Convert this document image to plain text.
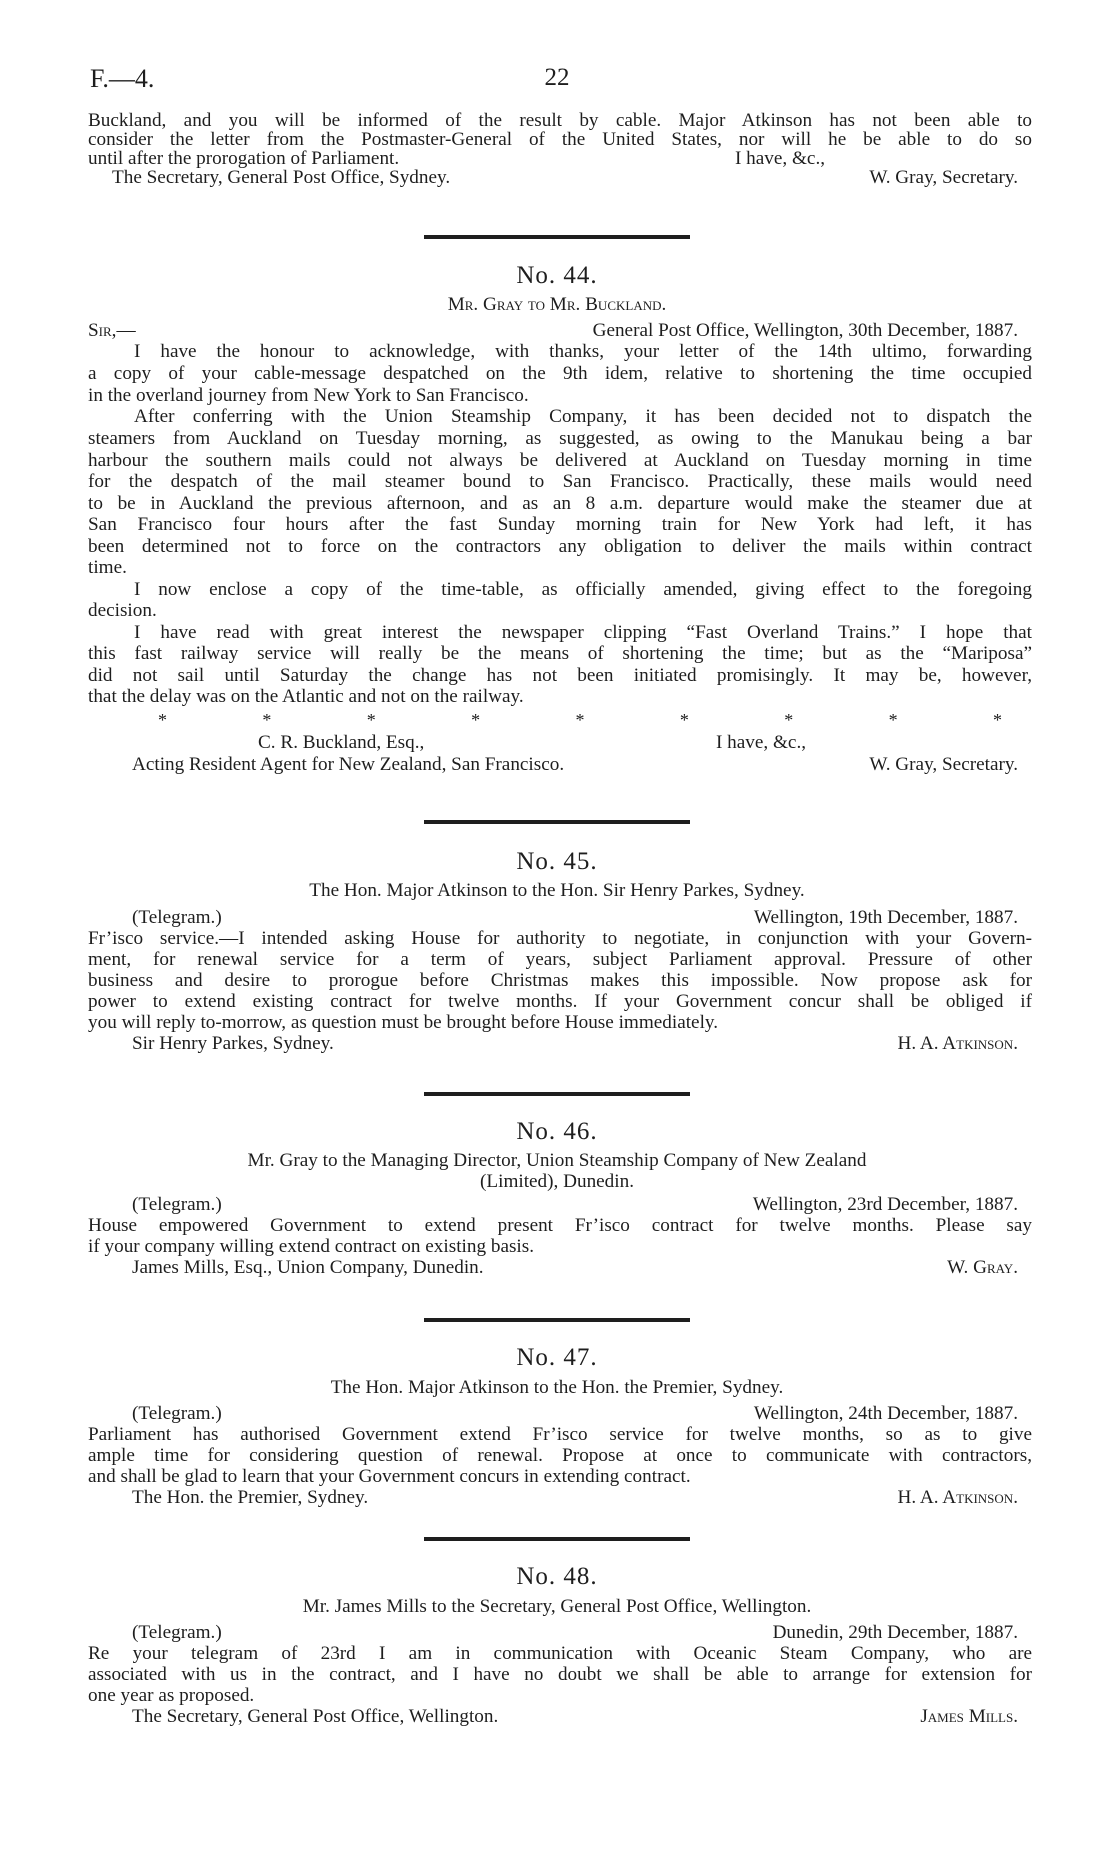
F.—4.	22
Buckland, and you will be informed of the result by cable. Major Atkinson has not been able to
consider the letter from the Postmaster-General of the United States, nor will he be able to do so
until after the prorogation of Parliament.	I have, &c.,
The Secretary, General Post Office, Sydney.	W. Gray, Secretary.
No. 44.
Mr. Gray to Mr. Buckland.
Sir,—	General Post Office, Wellington, 30th December, 1887.
I have the honour to acknowledge, with thanks, your letter of the 14th ultimo, forwarding
a copy of your cable-message despatched on the 9th idem, relative to shortening the time occupied
in the overland journey from New York to San Francisco.
After conferring with the Union Steamship Company, it has been decided not to dispatch the
steamers from Auckland on Tuesday morning, as suggested, as owing to the Manukau being a bar
harbour the southern mails could not always be delivered at Auckland on Tuesday morning in time
for the despatch of the mail steamer bound to San Francisco. Practically, these mails would need
to be in Auckland the previous afternoon, and as an 8 a.m. departure would make the steamer due at
San Francisco four hours after the fast Sunday morning train for New York had left, it has
been determined not to force on the contractors any obligation to deliver the mails within contract
time.
I now enclose a copy of the time-table, as officially amended, giving effect to the foregoing
decision.
I have read with great interest the newspaper clipping “Fast Overland Trains.” I hope that
this fast railway service will really be the means of shortening the time; but as the “Mariposa”
did not sail until Saturday the change has not been initiated promisingly. It may be, however,
that the delay was on the Atlantic and not on the railway.
*	*	*	*	*	*	*	*	*
C. R. Buckland, Esq.,	I have, &c.,
Acting Resident Agent for New Zealand, San Francisco.	W. Gray, Secretary.
No. 45.
The Hon. Major Atkinson to the Hon. Sir Henry Parkes, Sydney.
(Telegram.)	Wellington, 19th December, 1887.
Fr’isco service.—I intended asking House for authority to negotiate, in conjunction with your Govern-
ment, for renewal service for a term of years, subject Parliament approval. Pressure of other
business and desire to prorogue before Christmas makes this impossible. Now propose ask for
power to extend existing contract for twelve months. If your Government concur shall be obliged if
you will reply to-morrow, as question must be brought before House immediately.
Sir Henry Parkes, Sydney.	H. A. Atkinson.
No. 46.
Mr. Gray to the Managing Director, Union Steamship Company of New Zealand
(Limited), Dunedin.
(Telegram.)	Wellington, 23rd December, 1887.
House empowered Government to extend present Fr’isco contract for twelve months. Please say
if your company willing extend contract on existing basis.
James Mills, Esq., Union Company, Dunedin.	W. Gray.
No. 47.
The Hon. Major Atkinson to the Hon. the Premier, Sydney.
(Telegram.)	Wellington, 24th December, 1887.
Parliament has authorised Government extend Fr’isco service for twelve months, so as to give
ample time for considering question of renewal. Propose at once to communicate with contractors,
and shall be glad to learn that your Government concurs in extending contract.
The Hon. the Premier, Sydney.	H. A. Atkinson.
No. 48.
Mr. James Mills to the Secretary, General Post Office, Wellington.
(Telegram.)	Dunedin, 29th December, 1887.
Re your telegram of 23rd I am in communication with Oceanic Steam Company, who are
associated with us in the contract, and I have no doubt we shall be able to arrange for extension for
one year as proposed.
The Secretary, General Post Office, Wellington.	James Mills.
